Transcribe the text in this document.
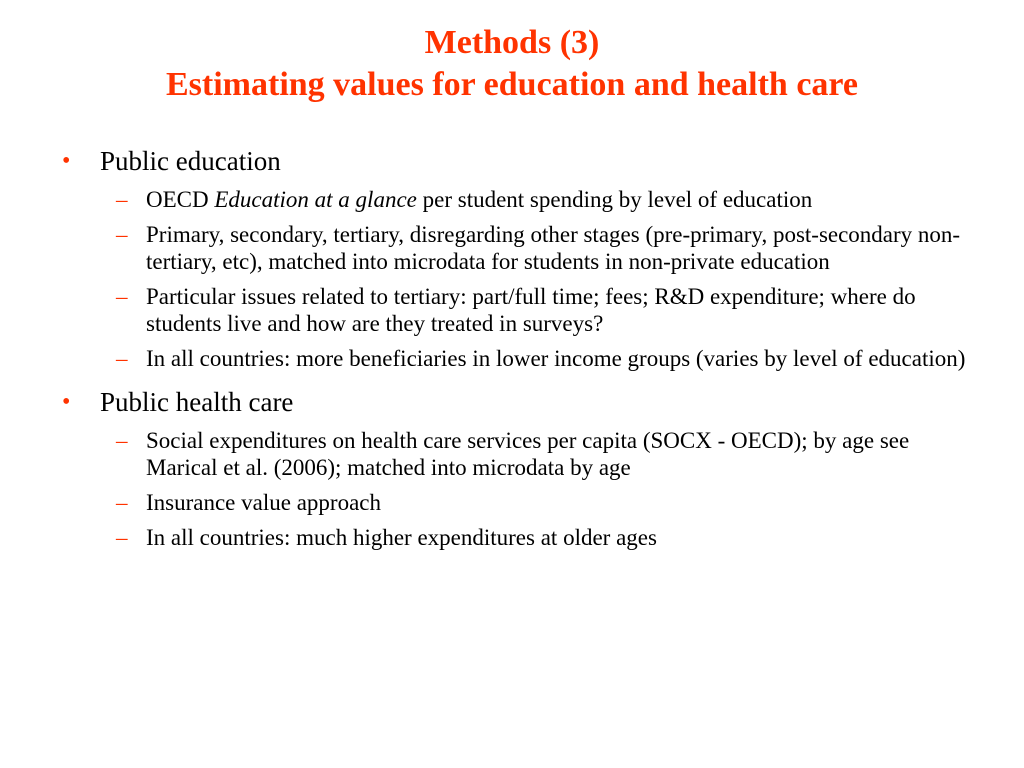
Methods (3)
Estimating values for education and health care
• Public education
– OECD Education at a glance per student spending by level of education
– Primary, secondary, tertiary, disregarding other stages (pre-primary, post-secondary non-tertiary, etc), matched into microdata for students in non-private education
– Particular issues related to tertiary: part/full time; fees; R&D expenditure; where do students live and how are they treated in surveys?
– In all countries: more beneficiaries in lower income groups (varies by level of education)
• Public health care
– Social expenditures on health care services per capita (SOCX - OECD); by age see Marical et al. (2006); matched into microdata by age
– Insurance value approach
– In all countries: much higher expenditures at older ages
